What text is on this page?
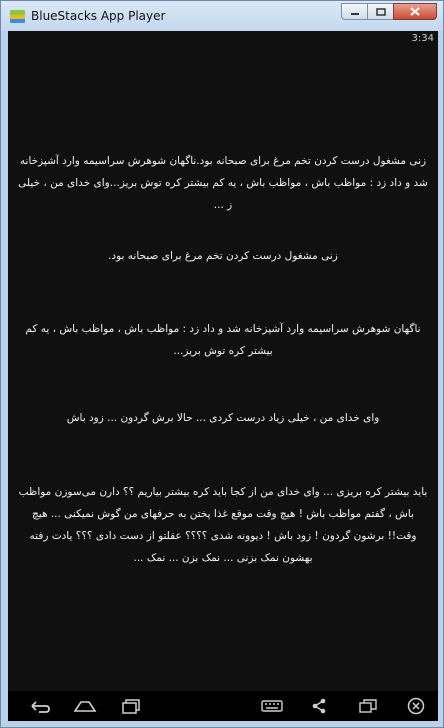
BlueStacks App Player
3:34
زنی مشغول درست کردن تخم مرغ برای صبحانه بود.ناگهان شوهرش سراسیمه وارد آشپزخانه شد و داد زد : مواظب باش ، مواظب باش ، یه کم بیشتر کره توش بریز...وای خدای من ، خیلی ز ...
زنی مشغول درست کردن تخم مرغ برای صبحانه بود.
ناگهان شوهرش سراسیمه وارد آشپزخانه شد و داد زد : مواظب باش ، مواظب باش ، یه کم بیشتر کره توش بریز...
وای خدای من ، خیلی زیاد درست کردی ... حالا برش گردون ... زود باش
باید بیشتر کره بریزی ... وای خدای من از کجا باید کره بیشتر بیاریم ؟؟ دارن می‌سوزن مواظب باش ، گفتم مواظب باش ! هیچ وقت موقع غذا پختن به حرفهای من گوش نمیکنی ... هیچ وقت!! برشون گردون ! زود باش ! دیوونه شدی ؟؟؟؟ عقلتو از دست دادی ؟؟؟ یادت رفته بهشون نمک بزنی ... نمک بزن ... نمک ...
